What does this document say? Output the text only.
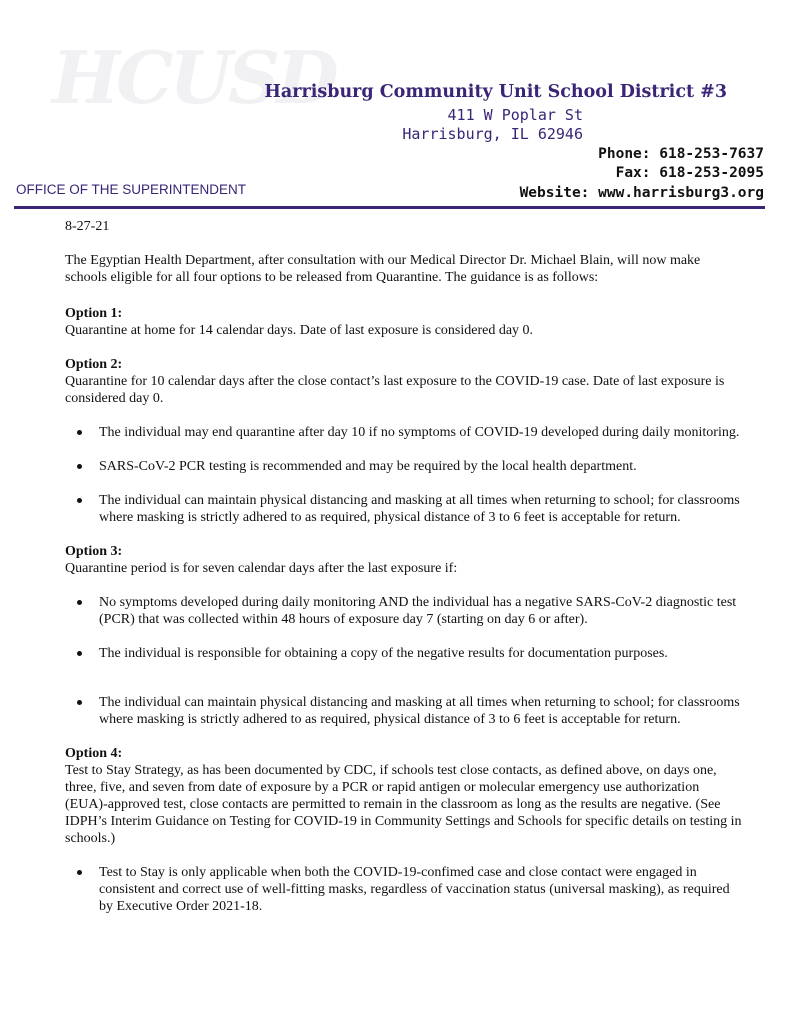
HCUSD
Harrisburg Community Unit School District #3
411 W Poplar St
Harrisburg, IL 62946
Phone: 618-253-7637
Fax: 618-253-2095
Website: www.harrisburg3.org
OFFICE OF THE SUPERINTENDENT

8-27-21

The Egyptian Health Department, after consultation with our Medical Director Dr. Michael Blain, will now make schools eligible for all four options to be released from Quarantine. The guidance is as follows:

Option 1:

Quarantine at home for 14 calendar days. Date of last exposure is considered day 0.

Option 2:

Quarantine for 10 calendar days after the close contact’s last exposure to the COVID-19 case. Date of last exposure is considered day 0.

The individual may end quarantine after day 10 if no symptoms of COVID-19 developed during daily monitoring.
SARS-CoV-2 PCR testing is recommended and may be required by the local health department.
The individual can maintain physical distancing and masking at all times when returning to school; for classrooms where masking is strictly adhered to as required, physical distance of 3 to 6 feet is acceptable for return.

Option 3:

Quarantine period is for seven calendar days after the last exposure if:

No symptoms developed during daily monitoring AND the individual has a negative SARS-CoV-2 diagnostic test (PCR) that was collected within 48 hours of exposure day 7 (starting on day 6 or after).
The individual is responsible for obtaining a copy of the negative results for documentation purposes.
The individual can maintain physical distancing and masking at all times when returning to school; for classrooms where masking is strictly adhered to as required, physical distance of 3 to 6 feet is acceptable for return.

Option 4:

Test to Stay Strategy, as has been documented by CDC, if schools test close contacts, as defined above, on days one, three, five, and seven from date of exposure by a PCR or rapid antigen or molecular emergency use authorization (EUA)-approved test, close contacts are permitted to remain in the classroom as long as the results are negative. (See IDPH’s Interim Guidance on Testing for COVID-19 in Community Settings and Schools for specific details on testing in schools.)

Test to Stay is only applicable when both the COVID-19-confimed case and close contact were engaged in consistent and correct use of well-fitting masks, regardless of vaccination status (universal masking), as required by Executive Order 2021-18.
